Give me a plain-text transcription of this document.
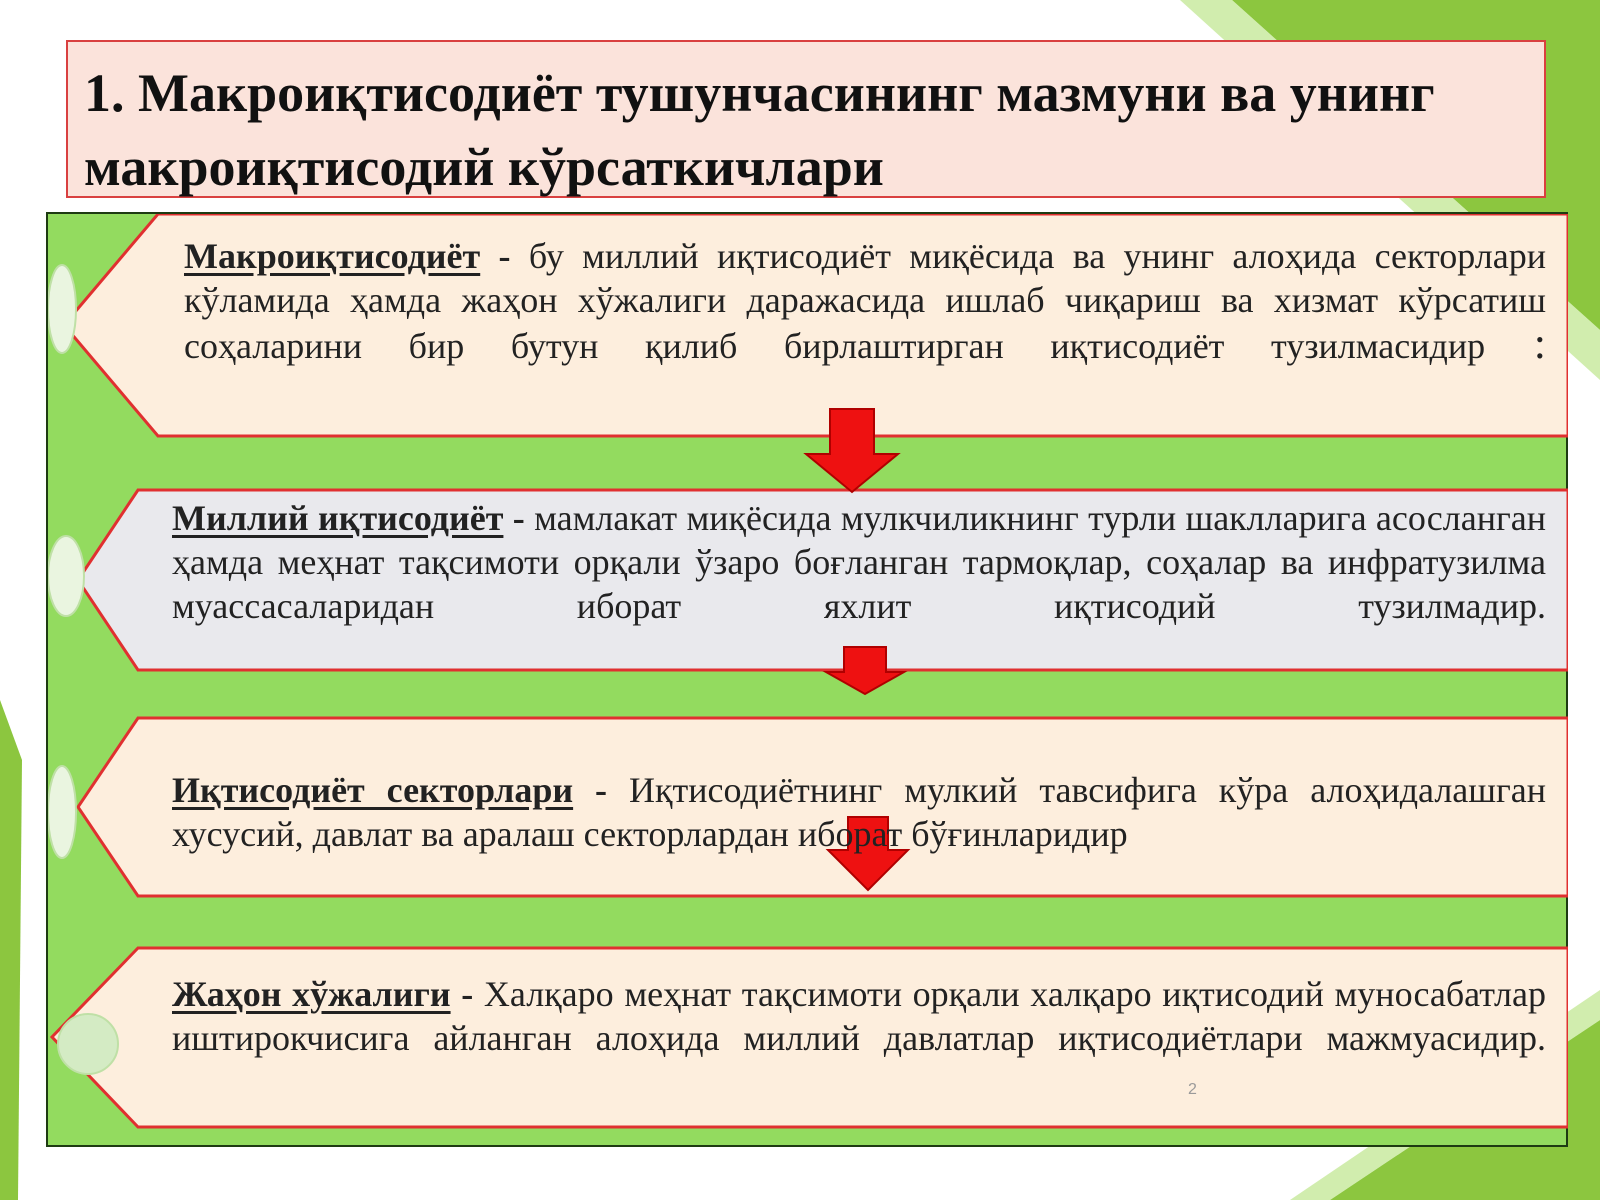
1. Макроиқтисодиёт тушунчасининг мазмуни ва унинг макроиқтисодий кўрсаткичлари

Макроиқтисодиёт - бу миллий иқтисодиёт миқёсида ва унинг алоҳида секторлари кўламида ҳамда жаҳон хўжалиги даражасида ишлаб чиқариш ва хизмат кўрсатиш соҳаларини бир бутун қилиб бирлаштирган иқтисодиёт тузилмасидир :

Миллий иқтисодиёт - мамлакат миқёсида мулкчиликнинг турли шаклларига асосланган ҳамда меҳнат тақсимоти орқали ўзаро боғланган тармоқлар, соҳалар ва инфратузилма муассасаларидан иборат яхлит иқтисодий тузилмадир.

Иқтисодиёт секторлари - Иқтисодиётнинг мулкий тавсифига кўра алоҳидалашган хусусий, давлат ва аралаш секторлардан иборат бўғинларидир

Жаҳон хўжалиги - Халқаро меҳнат тақсимоти орқали халқаро иқтисодий муносабатлар иштирокчисига айланган алоҳида миллий давлатлар иқтисодиётлари мажмуасидир.

2
